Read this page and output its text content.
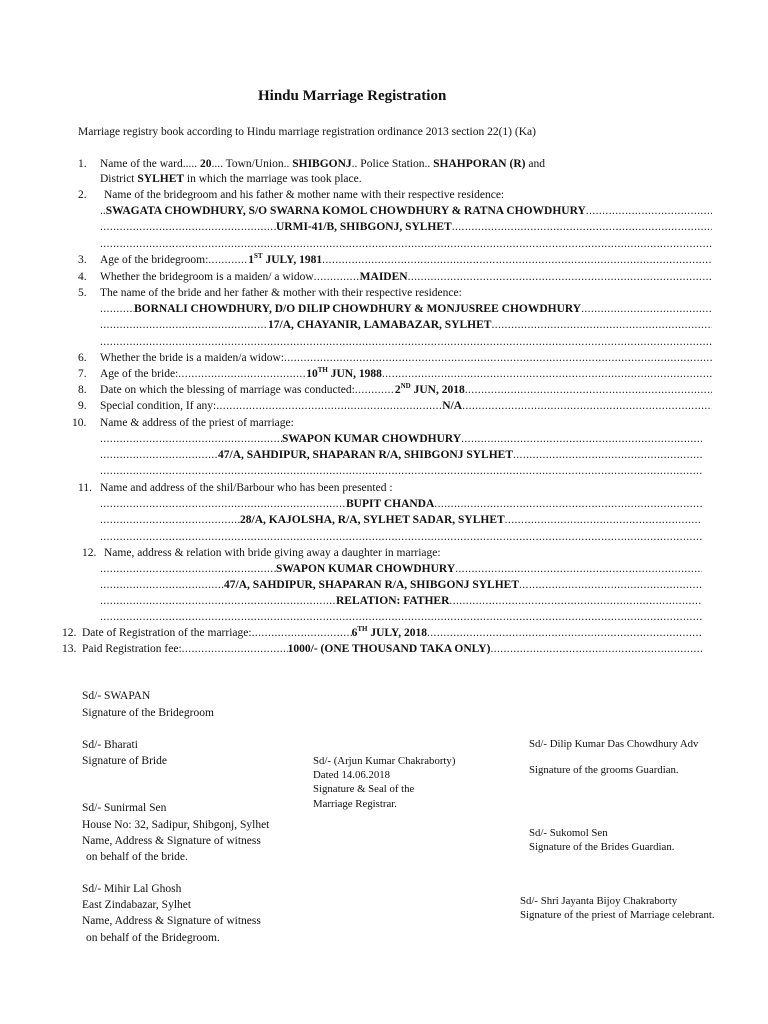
Hindu Marriage Registration
Marriage registry book according to Hindu marriage registration ordinance 2013 section 22(1) (Ka)
1. Name of the ward..... 20.... Town/Union.. SHIBGONJ.. Police Station.. SHAHPORAN (R) and
District SYLHET in which the marriage was took place.
2. Name of the bridegroom and his father & mother name with their respective residence:
.. SWAGATA CHOWDHURY, S/O SWARNA KOMOL CHOWDHURY & RATNA CHOWDHURY
.....
.....
URMI-41/B, SHIBGONJ, SYLHET
.....
.....
3. Age of the bridegroom: .....	1ST JULY, 1981
.....
4. Whether the bridegroom is a maiden/ a widow .....	MAIDEN
.....
5. The name of the bride and her father & mother with their respective residence:
.....
BORNALI CHOWDHURY, D/O DILIP CHOWDHURY & MONJUSREE CHOWDHURY
.....
.....
17/A, CHAYANIR, LAMABAZAR, SYLHET
.....
.....
6. Whether the bride is a maiden/a widow:
.....
7. Age of the bride: .....	10TH JUN, 1988
.....
8. Date on which the blessing of marriage was conducted: .....	2ND JUN, 2018
.....
9. Special condition, If any: .....	N/A
.....
10. Name & address of the priest of marriage:
.....
SWAPON KUMAR CHOWDHURY
.....
.....
47/A, SAHDIPUR, SHAPARAN R/A, SHIBGONJ SYLHET
.....
.....
11. Name and address of the shil/Barbour who has been presented :
.....
BUPIT CHANDA
.....
.....
28/A, KAJOLSHA, R/A, SYLHET SADAR, SYLHET
.....
.....
12. Name, address & relation with bride giving away a daughter in marriage:
.....
SWAPON KUMAR CHOWDHURY
.....
.....
47/A, SAHDIPUR, SHAPARAN R/A, SHIBGONJ SYLHET
.....
.....
RELATION: FATHER
.....
.....
12. Date of Registration of the marriage: .....	6TH JULY, 2018
.....
13. Paid Registration fee: .....	1000/- (ONE THOUSAND TAKA ONLY)
.....
Sd/- SWAPAN
Signature of the Bridegroom
Sd/- Bharati
Signature of Bride
Sd/- Sunirmal Sen
House No: 32, Sadipur, Shibgonj, Sylhet
Name, Address & Signature of witness
on behalf of the bride.
Sd/- Mihir Lal Ghosh
East Zindabazar, Sylhet
Name, Address & Signature of witness
on behalf of the Bridegroom.
Sd/- (Arjun Kumar Chakraborty)
Dated 14.06.2018
Signature & Seal of the
Marriage Registrar.
Sd/- Dilip Kumar Das Chowdhury Adv
Signature of the grooms Guardian.
Sd/- Sukomol Sen
Signature of the Brides Guardian.
Sd/- Shri Jayanta Bijoy Chakraborty
Signature of the priest of Marriage celebrant.
